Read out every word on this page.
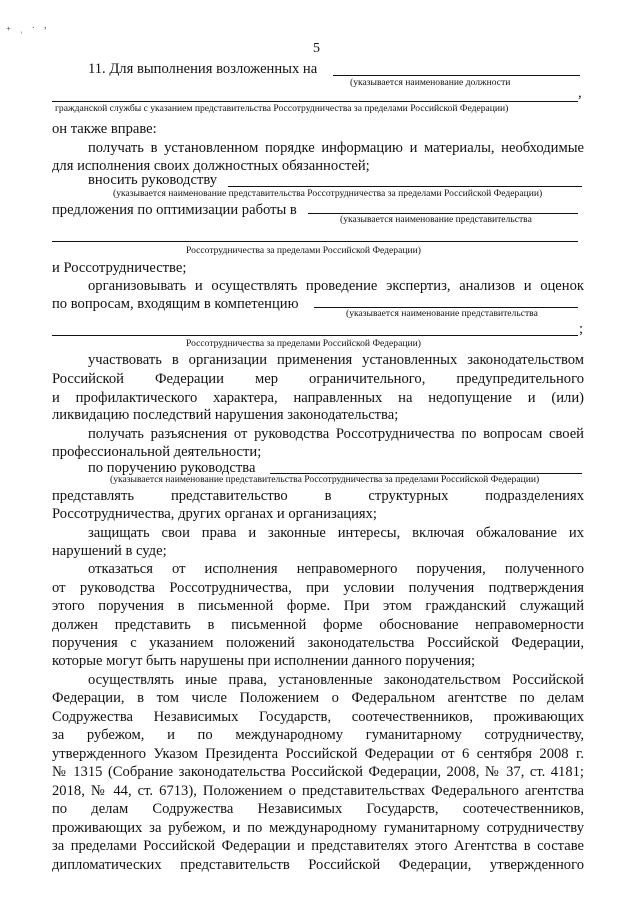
⁺ ˒ ˙ ʼ
5
11. Для выполнения возложенных на
(указывается наименование должности
,
гражданской службы с указанием представительства Россотрудничества за пределами Российской Федерации)
он также вправе:
получать в установленном порядке информацию и материалы, необходимые
для исполнения своих должностных обязанностей;
вносить руководству
(указывается наименование представительства Россотрудничества за пределами Российской Федерации)
предложения по оптимизации работы в
(указывается наименование представительства
Россотрудничества за пределами Российской Федерации)
и Россотрудничестве;
организовывать и осуществлять проведение экспертиз, анализов и оценок
по вопросам, входящим в компетенцию
(указывается наименование представительства
;
Россотрудничества за пределами Российской Федерации)
участвовать в организации применения установленных законодательством
Российской Федерации мер ограничительного, предупредительного
и профилактического характера, направленных на недопущение и (или)
ликвидацию последствий нарушения законодательства;
получать разъяснения от руководства Россотрудничества по вопросам своей
профессиональной деятельности;
по поручению руководства
(указывается наименование представительства Россотрудничества за пределами Российской Федерации)
представлять представительство в структурных подразделениях
Россотрудничества, других органах и организациях;
защищать свои права и законные интересы, включая обжалование их
нарушений в суде;
отказаться от исполнения неправомерного поручения, полученного
от руководства Россотрудничества, при условии получения подтверждения
этого поручения в письменной форме. При этом гражданский служащий
должен представить в письменной форме обоснование неправомерности
поручения с указанием положений законодательства Российской Федерации,
которые могут быть нарушены при исполнении данного поручения;
осуществлять иные права, установленные законодательством Российской
Федерации, в том числе Положением о Федеральном агентстве по делам
Содружества Независимых Государств, соотечественников, проживающих
за рубежом, и по международному гуманитарному сотрудничеству,
утвержденного Указом Президента Российской Федерации от 6 сентября 2008 г.
№ 1315 (Собрание законодательства Российской Федерации, 2008, № 37, ст. 4181;
2018, № 44, ст. 6713), Положением о представительствах Федерального агентства
по делам Содружества Независимых Государств, соотечественников,
проживающих за рубежом, и по международному гуманитарному сотрудничеству
за пределами Российской Федерации и представителях этого Агентства в составе
дипломатических представительств Российской Федерации, утвержденного
